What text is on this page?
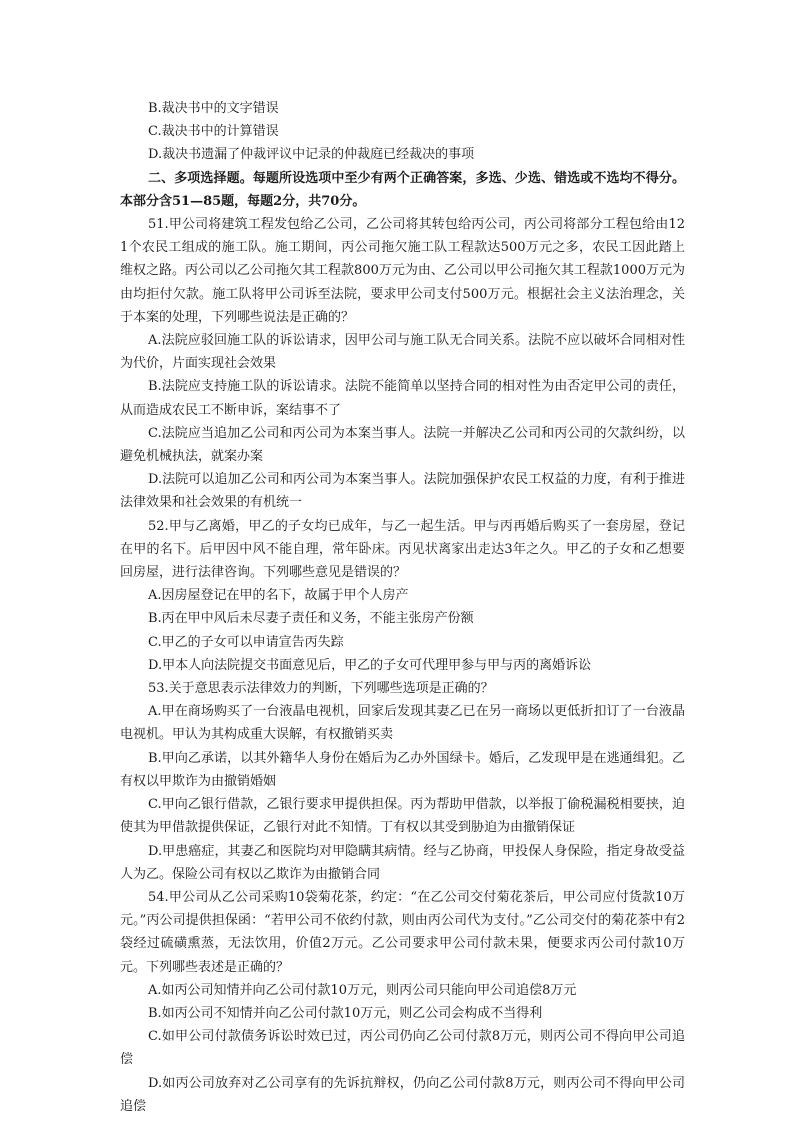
B.裁决书中的文字错误

C.裁决书中的计算错误

D.裁决书遗漏了仲裁评议中记录的仲裁庭已经裁决的事项

二、多项选择题。每题所设选项中至少有两个正确答案，多选、少选、错选或不选均不得分。本部分含51—85题，每题2分，共70分。

51.甲公司将建筑工程发包给乙公司，乙公司将其转包给丙公司，丙公司将部分工程包给由121个农民工组成的施工队。施工期间，丙公司拖欠施工队工程款达500万元之多，农民工因此踏上维权之路。丙公司以乙公司拖欠其工程款800万元为由、乙公司以甲公司拖欠其工程款1000万元为由均拒付欠款。施工队将甲公司诉至法院，要求甲公司支付500万元。根据社会主义法治理念，关于本案的处理，下列哪些说法是正确的？

A.法院应驳回施工队的诉讼请求，因甲公司与施工队无合同关系。法院不应以破坏合同相对性为代价，片面实现社会效果

B.法院应支持施工队的诉讼请求。法院不能简单以坚持合同的相对性为由否定甲公司的责任，从而造成农民工不断申诉，案结事不了

C.法院应当追加乙公司和丙公司为本案当事人。法院一并解决乙公司和丙公司的欠款纠纷，以避免机械执法，就案办案

D.法院可以追加乙公司和丙公司为本案当事人。法院加强保护农民工权益的力度，有利于推进法律效果和社会效果的有机统一

52.甲与乙离婚，甲乙的子女均已成年，与乙一起生活。甲与丙再婚后购买了一套房屋，登记在甲的名下。后甲因中风不能自理，常年卧床。丙见状离家出走达3年之久。甲乙的子女和乙想要回房屋，进行法律咨询。下列哪些意见是错误的？

A.因房屋登记在甲的名下，故属于甲个人房产

B.丙在甲中风后未尽妻子责任和义务，不能主张房产份额

C.甲乙的子女可以申请宣告丙失踪

D.甲本人向法院提交书面意见后，甲乙的子女可代理甲参与甲与丙的离婚诉讼

53.关于意思表示法律效力的判断，下列哪些选项是正确的？

A.甲在商场购买了一台液晶电视机，回家后发现其妻乙已在另一商场以更低折扣订了一台液晶电视机。甲认为其构成重大误解，有权撤销买卖

B.甲向乙承诺，以其外籍华人身份在婚后为乙办外国绿卡。婚后，乙发现甲是在逃通缉犯。乙有权以甲欺诈为由撤销婚姻

C.甲向乙银行借款，乙银行要求甲提供担保。丙为帮助甲借款，以举报丁偷税漏税相要挟，迫使其为甲借款提供保证，乙银行对此不知情。丁有权以其受到胁迫为由撤销保证

D.甲患癌症，其妻乙和医院均对甲隐瞒其病情。经与乙协商，甲投保人身保险，指定身故受益人为乙。保险公司有权以乙欺诈为由撤销合同

54.甲公司从乙公司采购10袋菊花茶，约定：“在乙公司交付菊花茶后，甲公司应付货款10万元。”丙公司提供担保函：“若甲公司不依约付款，则由丙公司代为支付。”乙公司交付的菊花茶中有2袋经过硫磺熏蒸，无法饮用，价值2万元。乙公司要求甲公司付款未果，便要求丙公司付款10万元。下列哪些表述是正确的？

A.如丙公司知情并向乙公司付款10万元，则丙公司只能向甲公司追偿8万元

B.如丙公司不知情并向乙公司付款10万元，则乙公司会构成不当得利

C.如甲公司付款债务诉讼时效已过，丙公司仍向乙公司付款8万元，则丙公司不得向甲公司追偿

D.如丙公司放弃对乙公司享有的先诉抗辩权，仍向乙公司付款8万元，则丙公司不得向甲公司追偿
